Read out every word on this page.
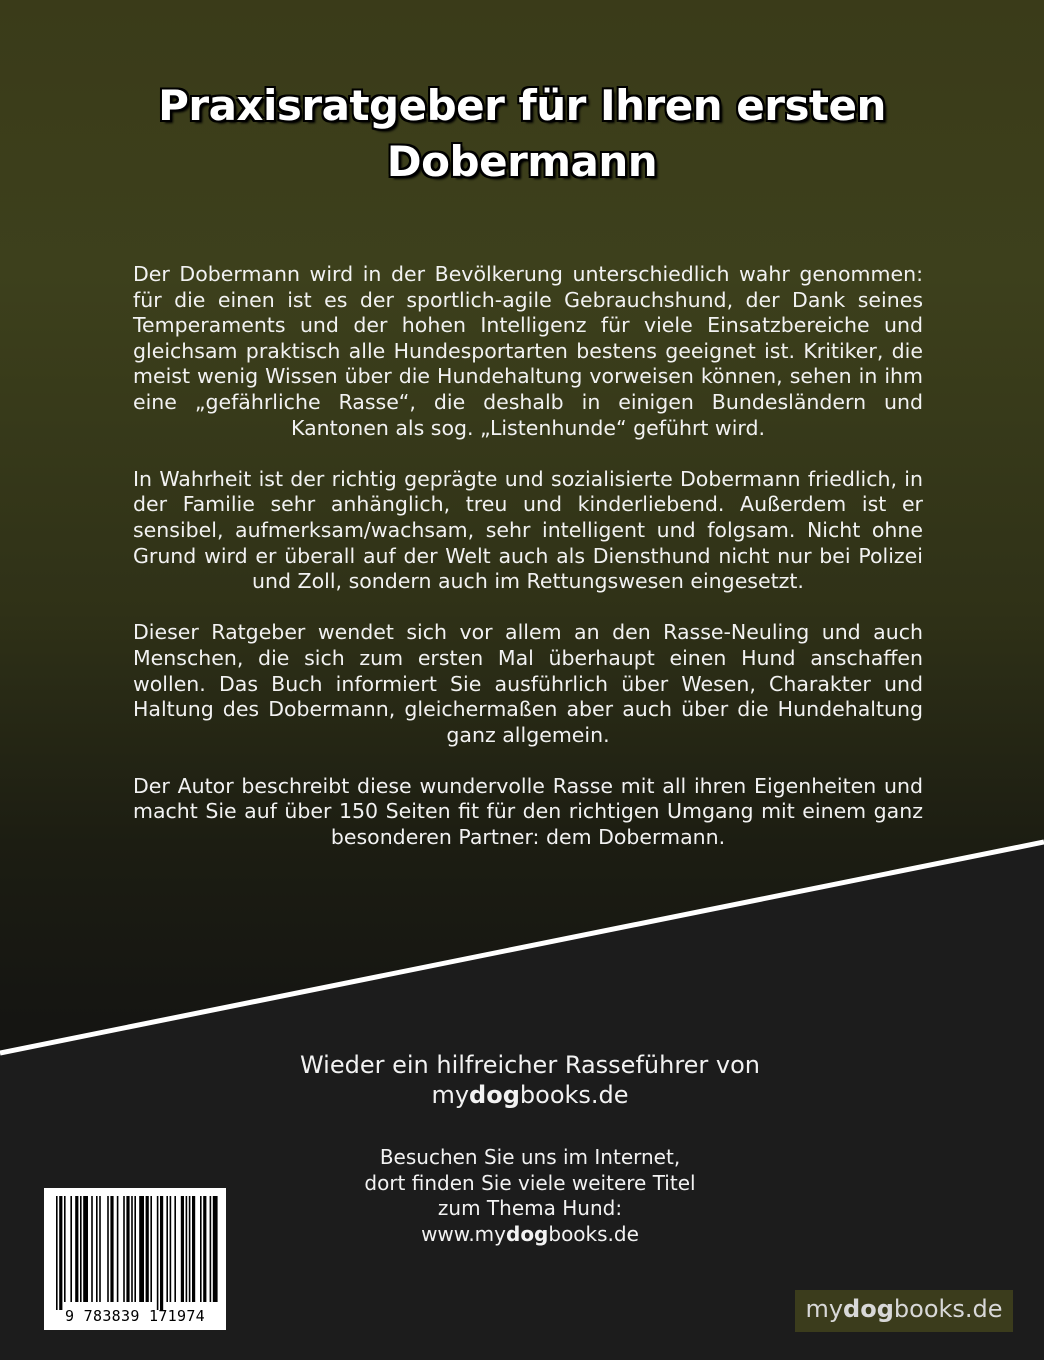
Praxisratgeber für Ihren ersten
Dobermann

Der Dobermann wird in der Bevölkerung unterschiedlich wahr genommen: für die einen ist es der sportlich-agile Gebrauchshund, der Dank seines Temperaments und der hohen Intelligenz für viele Einsatzbereiche und gleichsam praktisch alle Hundesportarten bestens geeignet ist. Kritiker, die meist wenig Wissen über die Hundehaltung vorweisen können, sehen in ihm eine „gefährliche Rasse“, die deshalb in einigen Bundesländern und Kantonen als sog. „Listenhunde“ geführt wird.

In Wahrheit ist der richtig geprägte und sozialisierte Dobermann friedlich, in der Familie sehr anhänglich, treu und kinderliebend. Außerdem ist er sensibel, aufmerksam/wachsam, sehr intelligent und folgsam. Nicht ohne Grund wird er überall auf der Welt auch als Diensthund nicht nur bei Polizei und Zoll, sondern auch im Rettungswesen eingesetzt.

Dieser Ratgeber wendet sich vor allem an den Rasse-Neuling und auch Menschen, die sich zum ersten Mal überhaupt einen Hund anschaffen wollen. Das Buch informiert Sie ausführlich über Wesen, Charakter und Haltung des Dobermann, gleichermaßen aber auch über die Hundehaltung ganz allgemein.

Der Autor beschreibt diese wundervolle Rasse mit all ihren Eigenheiten und macht Sie auf über 150 Seiten fit für den richtigen Umgang mit einem ganz besonderen Partner: dem Dobermann.

Wieder ein hilfreicher Rasseführer von
mydogbooks.de
Besuchen Sie uns im Internet,
dort finden Sie viele weitere Titel
zum Thema Hund:
www.mydogbooks.de
9 783839 171974	mydogbooks.de
